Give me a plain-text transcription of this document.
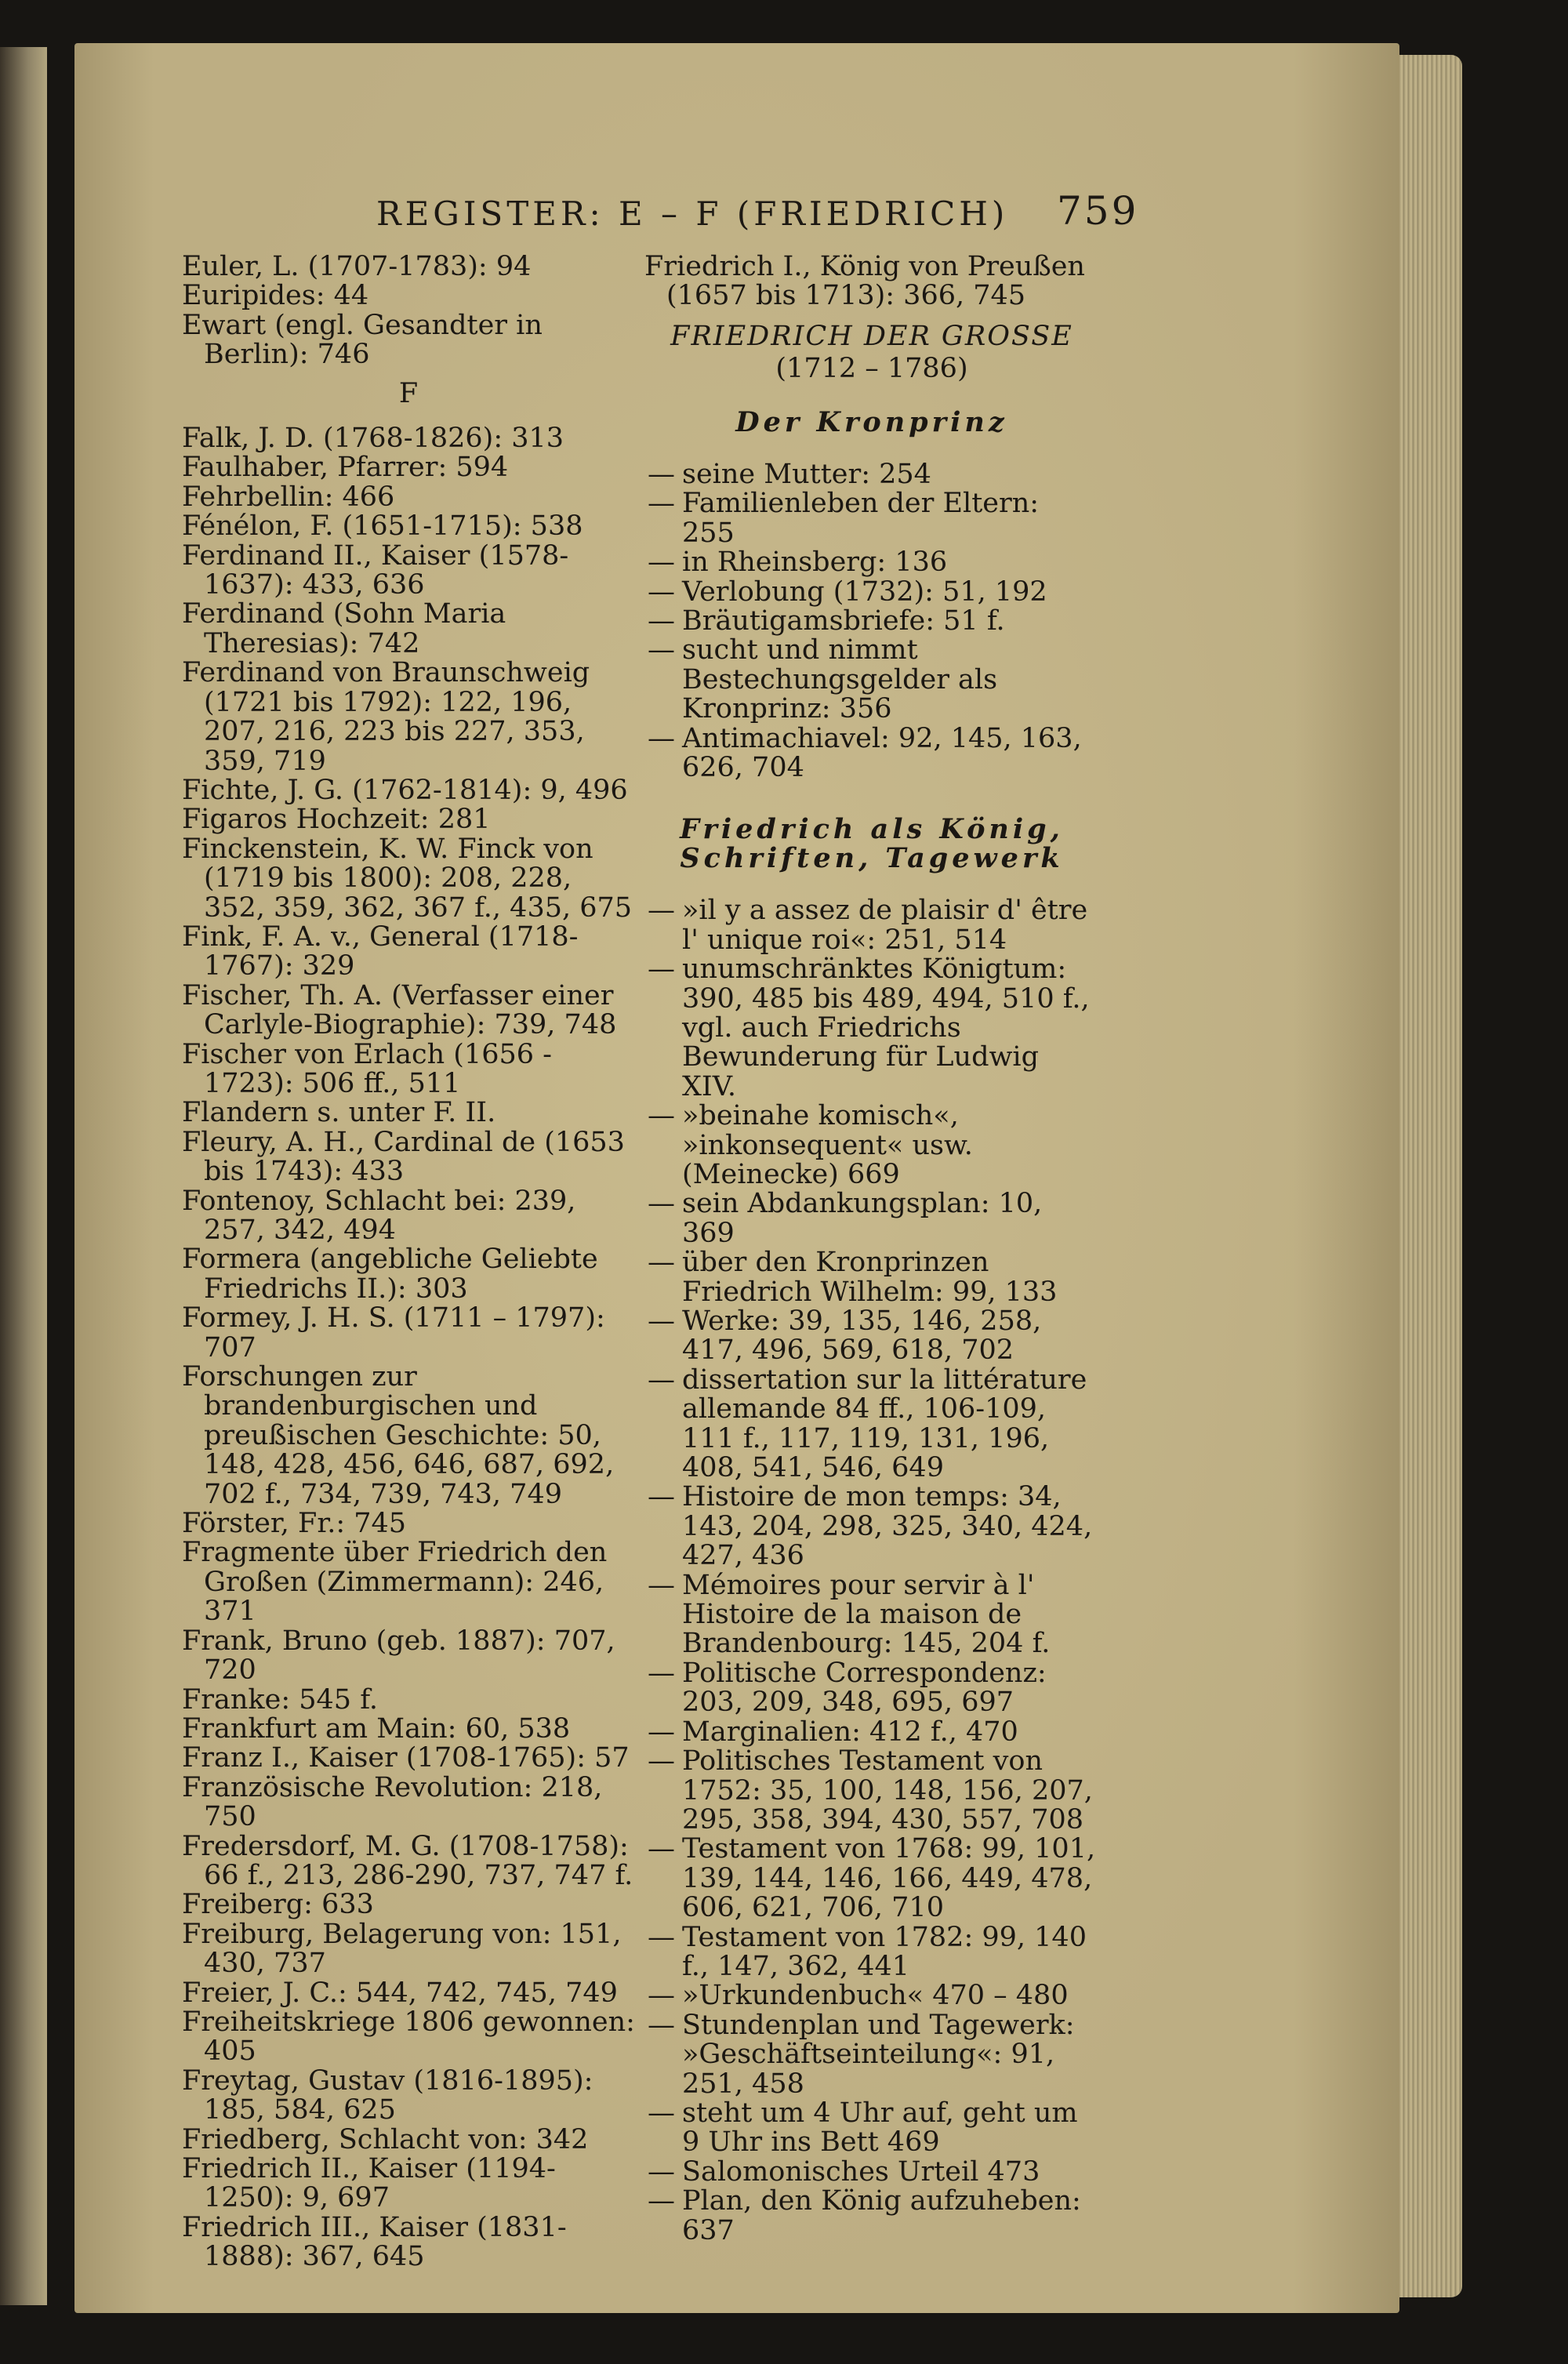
REGISTER: E – F (FRIEDRICH)	759

Euler, L. (1707-1783): 94

Euripides: 44

Ewart (engl. Gesandter in Berlin): 746

F

Falk, J. D. (1768-1826): 313

Faulhaber, Pfarrer: 594

Fehrbellin: 466

Fénélon, F. (1651-1715): 538

Ferdinand II., Kaiser (1578-1637): 433, 636

Ferdinand (Sohn Maria Theresias): 742

Ferdinand von Braunschweig (1721 bis 1792): 122, 196, 207, 216, 223 bis 227, 353, 359, 719

Fichte, J. G. (1762-1814): 9, 496

Figaros Hochzeit: 281

Finckenstein, K. W. Finck von (1719 bis 1800): 208, 228, 352, 359, 362, 367 f., 435, 675

Fink, F. A. v., General (1718-1767): 329

Fischer, Th. A. (Verfasser einer Carlyle-Biographie): 739, 748

Fischer von Erlach (1656 - 1723): 506 ff., 511

Flandern s. unter F. II.

Fleury, A. H., Cardinal de (1653 bis 1743): 433

Fontenoy, Schlacht bei: 239, 257, 342, 494

Formera (angebliche Geliebte Friedrichs II.): 303

Formey, J. H. S. (1711 – 1797): 707

Forschungen zur brandenburgischen und preußischen Geschichte: 50, 148, 428, 456, 646, 687, 692, 702 f., 734, 739, 743, 749

Förster, Fr.: 745

Fragmente über Friedrich den Großen (Zimmermann): 246, 371

Frank, Bruno (geb. 1887): 707, 720

Franke: 545 f.

Frankfurt am Main: 60, 538

Franz I., Kaiser (1708-1765): 57

Französische Revolution: 218, 750

Fredersdorf, M. G. (1708-1758): 66 f., 213, 286-290, 737, 747 f.

Freiberg: 633

Freiburg, Belagerung von: 151, 430, 737

Freier, J. C.: 544, 742, 745, 749

Freiheitskriege 1806 gewonnen: 405

Freytag, Gustav (1816-1895): 185, 584, 625

Friedberg, Schlacht von: 342

Friedrich II., Kaiser (1194-1250): 9, 697

Friedrich III., Kaiser (1831-1888): 367, 645

Friedrich I., König von Preußen (1657 bis 1713): 366, 745

FRIEDRICH DER GROSSE
(1712 – 1786)
Der Kronprinz

— seine Mutter: 254

— Familienleben der Eltern: 255

— in Rheinsberg: 136

— Verlobung (1732): 51, 192

— Bräutigamsbriefe: 51 f.

— sucht und nimmt Bestechungsgelder als Kronprinz: 356

— Antimachiavel: 92, 145, 163, 626, 704

Friedrich als König,
Schriften, Tagewerk

— »il y a assez de plaisir d' être l' unique roi«: 251, 514

— unumschränktes Königtum: 390, 485 bis 489, 494, 510 f., vgl. auch Friedrichs Bewunderung für Ludwig XIV.

— »beinahe komisch«, »inkonsequent« usw. (Meinecke) 669

— sein Abdankungsplan: 10, 369

— über den Kronprinzen Friedrich Wilhelm: 99, 133

— Werke: 39, 135, 146, 258, 417, 496, 569, 618, 702

— dissertation sur la littérature allemande 84 ff., 106-109, 111 f., 117, 119, 131, 196, 408, 541, 546, 649

— Histoire de mon temps: 34, 143, 204, 298, 325, 340, 424, 427, 436

— Mémoires pour servir à l' Histoire de la maison de Brandenbourg: 145, 204 f.

— Politische Correspondenz: 203, 209, 348, 695, 697

— Marginalien: 412 f., 470

— Politisches Testament von 1752: 35, 100, 148, 156, 207, 295, 358, 394, 430, 557, 708

— Testament von 1768: 99, 101, 139, 144, 146, 166, 449, 478, 606, 621, 706, 710

— Testament von 1782: 99, 140 f., 147, 362, 441

— »Urkundenbuch« 470 – 480

— Stundenplan und Tagewerk: »Geschäftseinteilung«: 91, 251, 458

— steht um 4 Uhr auf, geht um 9 Uhr ins Bett 469

— Salomonisches Urteil 473

— Plan, den König aufzuheben: 637
